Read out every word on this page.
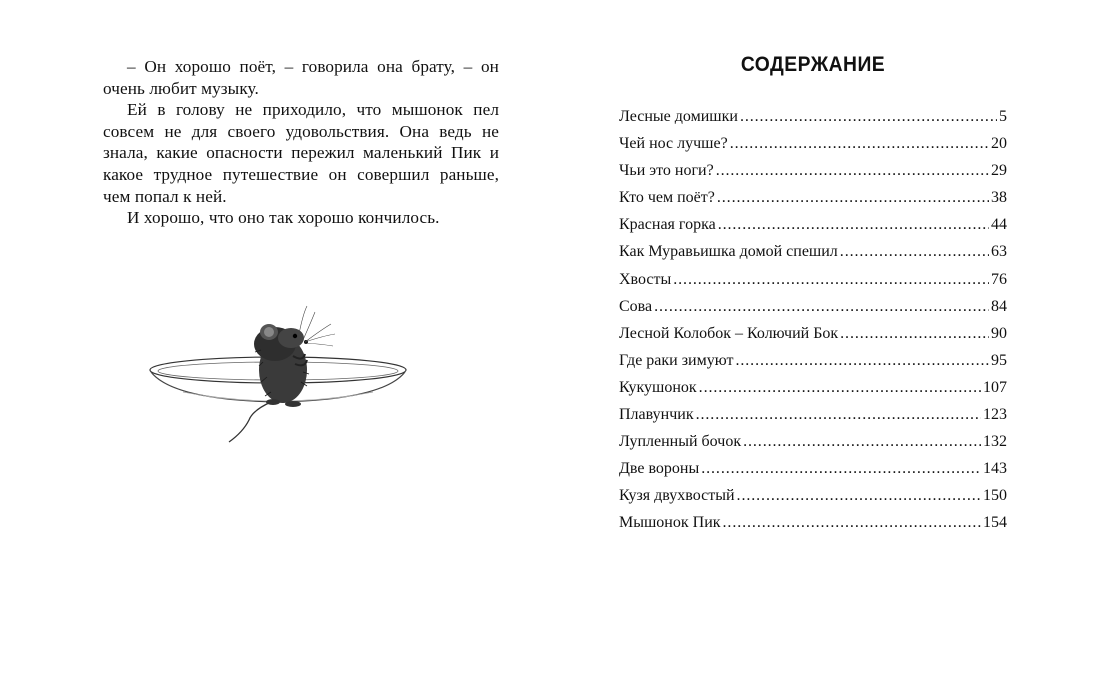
– Он хорошо поёт, – говорила она брату, – он очень любит музыку.

Ей в голову не приходило, что мышонок пел совсем не для своего удовольствия. Она ведь не знала, какие опасности пережил маленький Пик и какое трудное путешествие он совершил раньше, чем попал к ней.

И хорошо, что оно так хорошо кончилось.

СОДЕРЖАНИЕ
Лесные домишки .....	5
Чей нос лучше? .....	20
Чьи это ноги? .....	29
Кто чем поёт? .....	38
Красная горка .....	44
Как Муравьишка домой спешил .....	63
Хвосты .....	76
Сова .....	84
Лесной Колобок – Колючий Бок .....	90
Где раки зимуют .....	95
Кукушонок .....	107
Плавунчик .....	123
Лупленный бочок .....	132
Две вороны .....	143
Кузя двухвостый .....	150
Мышонок Пик .....	154
